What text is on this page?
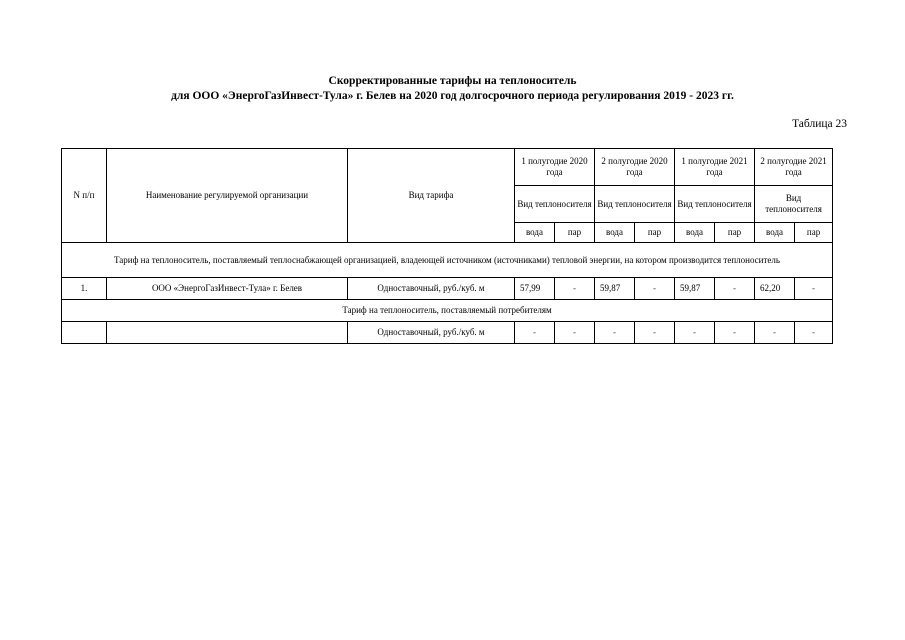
Скорректированные тарифы на теплоноситель
для ООО «ЭнергоГазИнвест-Тула» г. Белев на 2020 год долгосрочного периода регулирования 2019 - 2023 гг.
Таблица 23
N п/п	Наименование регулируемой организации	Вид тарифа	1 полугодие 2020 года		2 полугодие 2020 года		1 полугодие 2021 года		2 полугодие 2021 года	
			Вид теплоносителя		Вид теплоносителя		Вид теплоносителя		Вид теплоносителя	
			вода	пар	вода	пар	вода	пар	вода	пар
Тариф на теплоноситель, поставляемый теплоснабжающей организацией, владеющей источником (источниками) тепловой энергии, на котором производится теплоноситель										
1.	ООО «ЭнергоГазИнвест-Тула» г. Белев	Одноставочный, руб./куб. м	57,99	-	59,87	-	59,87	-	62,20	-
Тариф на теплоноситель, поставляемый потребителям										
		Одноставочный, руб./куб. м	-	-	-	-	-	-	-	-
